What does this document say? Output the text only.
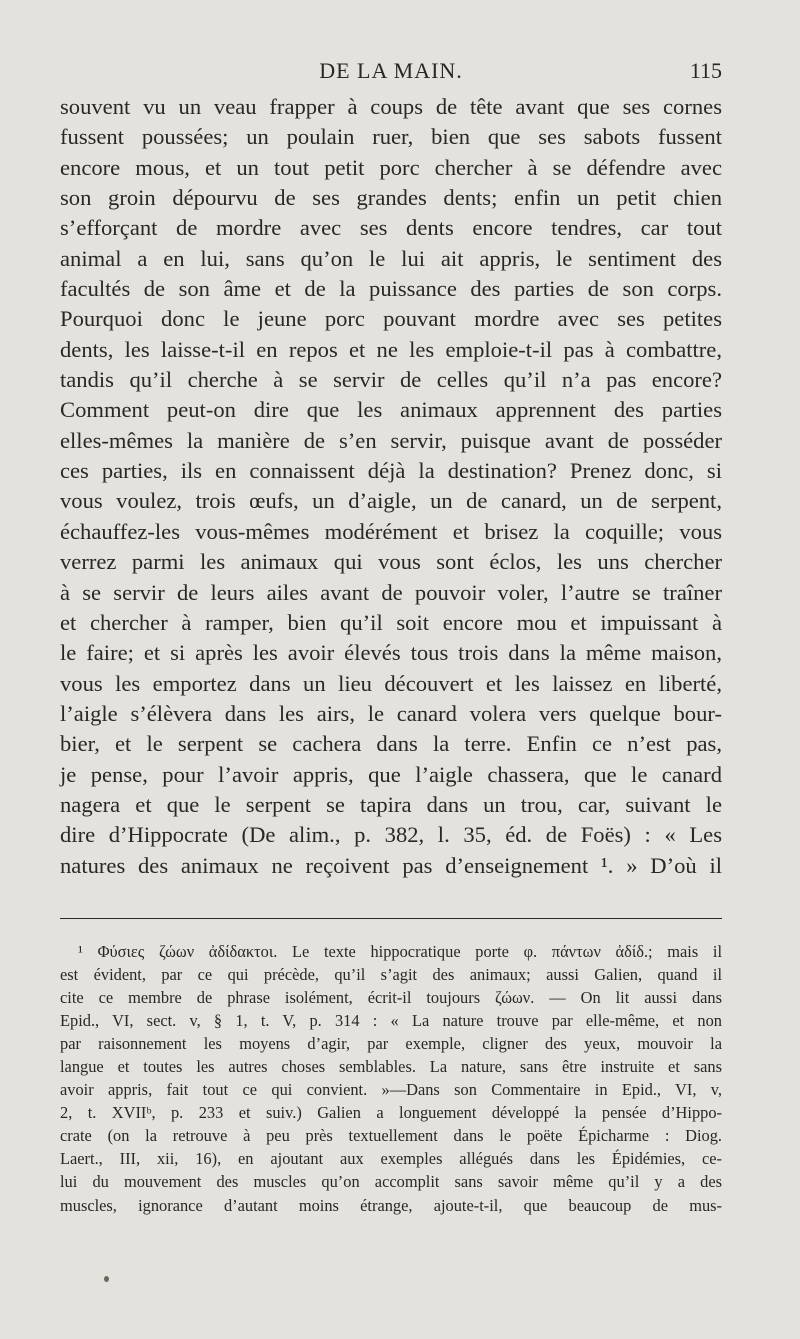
DE LA MAIN.	115
souvent vu un veau frapper à coups de tête avant que ses cornes
fussent poussées; un poulain ruer, bien que ses sabots fussent
encore mous, et un tout petit porc chercher à se défendre avec
son groin dépourvu de ses grandes dents; enfin un petit chien
s’efforçant de mordre avec ses dents encore tendres, car tout
animal a en lui, sans qu’on le lui ait appris, le sentiment des
facultés de son âme et de la puissance des parties de son corps.
Pourquoi donc le jeune porc pouvant mordre avec ses petites
dents, les laisse-t-il en repos et ne les emploie-t-il pas à combattre,
tandis qu’il cherche à se servir de celles qu’il n’a pas encore?
Comment peut-on dire que les animaux apprennent des parties
elles-mêmes la manière de s’en servir, puisque avant de posséder
ces parties, ils en connaissent déjà la destination? Prenez donc, si
vous voulez, trois œufs, un d’aigle, un de canard, un de serpent,
échauffez-les vous-mêmes modérément et brisez la coquille; vous
verrez parmi les animaux qui vous sont éclos, les uns chercher
à se servir de leurs ailes avant de pouvoir voler, l’autre se traîner
et chercher à ramper, bien qu’il soit encore mou et impuissant à
le faire; et si après les avoir élevés tous trois dans la même maison,
vous les emportez dans un lieu découvert et les laissez en liberté,
l’aigle s’élèvera dans les airs, le canard volera vers quelque bour-
bier, et le serpent se cachera dans la terre. Enfin ce n’est pas,
je pense, pour l’avoir appris, que l’aigle chassera, que le canard
nagera et que le serpent se tapira dans un trou, car, suivant le
dire d’Hippocrate (De alim., p. 382, l. 35, éd. de Foës) : « Les
natures des animaux ne reçoivent pas d’enseignement ¹. » D’où il
¹ Φύσιες ζώων ἀδίδακτοι. Le texte hippocratique porte φ. πάντων ἀδίδ.; mais il
est évident, par ce qui précède, qu’il s’agit des animaux; aussi Galien, quand il
cite ce membre de phrase isolément, écrit-il toujours ζώων. — On lit aussi dans
Epid., VI, sect. v, § 1, t. V, p. 314 : « La nature trouve par elle-même, et non
par raisonnement les moyens d’agir, par exemple, cligner des yeux, mouvoir la
langue et toutes les autres choses semblables. La nature, sans être instruite et sans
avoir appris, fait tout ce qui convient. »—Dans son Commentaire in Epid., VI, v,
2, t. XVIIᵇ, p. 233 et suiv.) Galien a longuement développé la pensée d’Hippo-
crate (on la retrouve à peu près textuellement dans le poëte Épicharme : Diog.
Laert., III, xii, 16), en ajoutant aux exemples allégués dans les Épidémies, ce-
lui du mouvement des muscles qu’on accomplit sans savoir même qu’il y a des
muscles, ignorance d’autant moins étrange, ajoute-t-il, que beaucoup de mus-
